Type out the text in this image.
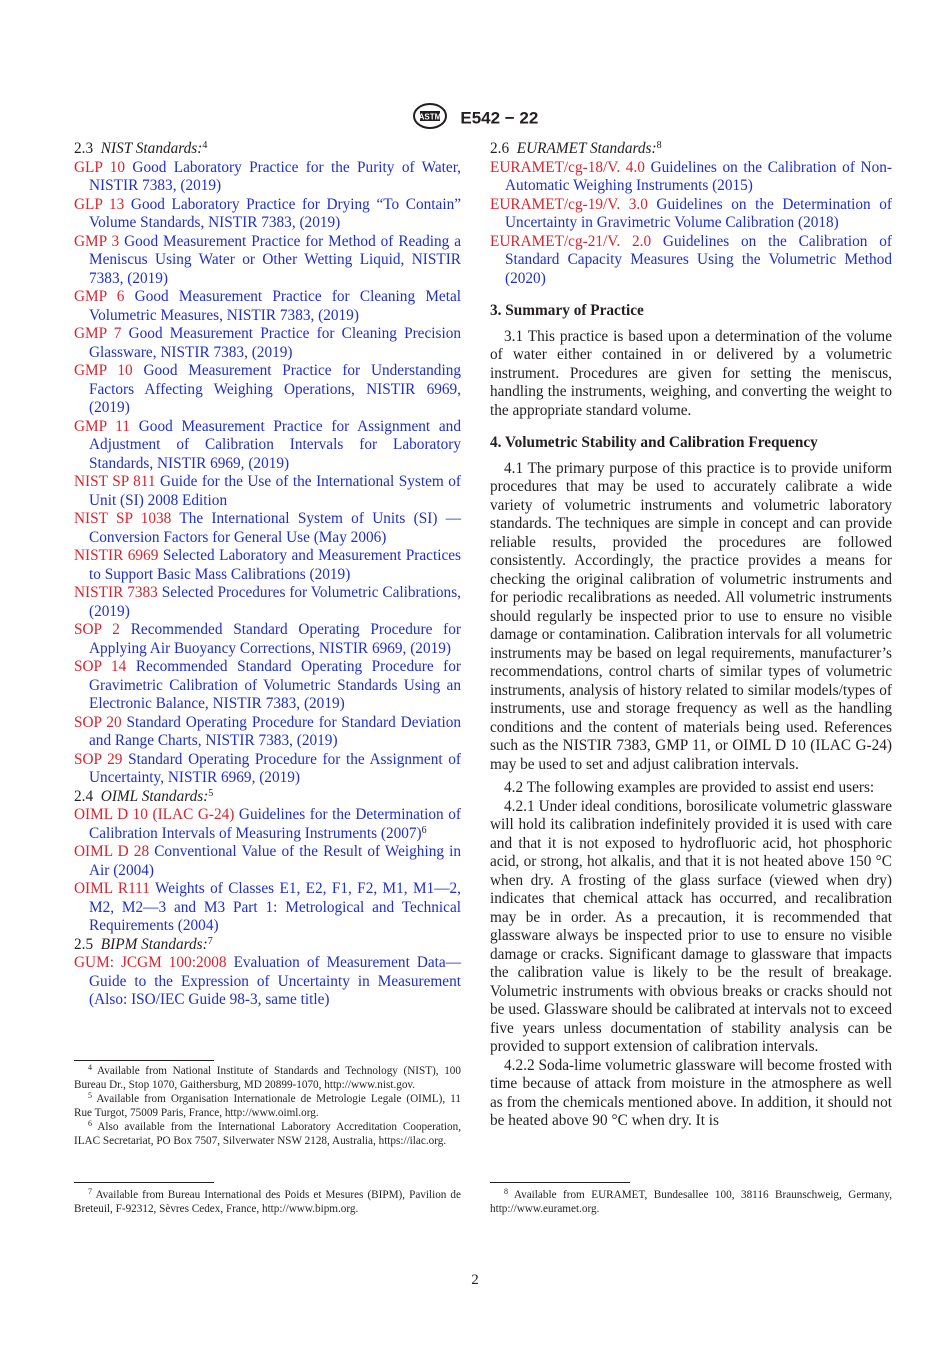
ASTM E542 − 22

2.3 NIST Standards:$^4$

GLP 10 Good Laboratory Practice for the Purity of Water, NISTIR 7383, (2019)

GLP 13 Good Laboratory Practice for Drying “To Contain” Volume Standards, NISTIR 7383, (2019)

GMP 3 Good Measurement Practice for Method of Reading a Meniscus Using Water or Other Wetting Liquid, NISTIR 7383, (2019)

GMP 6 Good Measurement Practice for Cleaning Metal Volumetric Measures, NISTIR 7383, (2019)

GMP 7 Good Measurement Practice for Cleaning Precision Glassware, NISTIR 7383, (2019)

GMP 10 Good Measurement Practice for Understanding Factors Affecting Weighing Operations, NISTIR 6969, (2019)

GMP 11 Good Measurement Practice for Assignment and Adjustment of Calibration Intervals for Laboratory Standards, NISTIR 6969, (2019)

NIST SP 811 Guide for the Use of the International System of Unit (SI) 2008 Edition

NIST SP 1038 The International System of Units (SI) — Conversion Factors for General Use (May 2006)

NISTIR 6969 Selected Laboratory and Measurement Practices to Support Basic Mass Calibrations (2019)

NISTIR 7383 Selected Procedures for Volumetric Calibrations, (2019)

SOP 2 Recommended Standard Operating Procedure for Applying Air Buoyancy Corrections, NISTIR 6969, (2019)

SOP 14 Recommended Standard Operating Procedure for Gravimetric Calibration of Volumetric Standards Using an Electronic Balance, NISTIR 7383, (2019)

SOP 20 Standard Operating Procedure for Standard Deviation and Range Charts, NISTIR 7383, (2019)

SOP 29 Standard Operating Procedure for the Assignment of Uncertainty, NISTIR 6969, (2019)

2.4 OIML Standards:$^5$

OIML D 10 (ILAC G-24) Guidelines for the Determination of Calibration Intervals of Measuring Instruments $(2007)^6$

OIML D 28 Conventional Value of the Result of Weighing in Air (2004)

OIML R111 Weights of Classes E1, E2, F1, F2, M1, M1—2, M2, M2—3 and M3 Part 1: Metrological and Technical Requirements (2004)

2.5 BIPM Standards:$^7$

GUM: JCGM 100:2008 Evaluation of Measurement Data—Guide to the Expression of Uncertainty in Measurement (Also: ISO/IEC Guide 98-3, same title)

$^4$ Available from National Institute of Standards and Technology (NIST), 100 Bureau Dr., Stop 1070, Gaithersburg, MD 20899-1070, http://www.nist.gov.

$^5$ Available from Organisation Internationale de Metrologie Legale (OIML), 11 Rue Turgot, 75009 Paris, France, http://www.oiml.org.

$^6$ Also available from the International Laboratory Accreditation Cooperation, ILAC Secretariat, PO Box 7507, Silverwater NSW 2128, Australia, https://ilac.org.

$^7$ Available from Bureau International des Poids et Mesures (BIPM), Pavilion de Breteuil, F-92312, Sèvres Cedex, France, http://www.bipm.org.

2.6 EURAMET Standards:$^8$

EURAMET/cg-18/V. 4.0 Guidelines on the Calibration of Non-Automatic Weighing Instruments (2015)

EURAMET/cg-19/V. 3.0 Guidelines on the Determination of Uncertainty in Gravimetric Volume Calibration (2018)

EURAMET/cg-21/V. 2.0 Guidelines on the Calibration of Standard Capacity Measures Using the Volumetric Method (2020)

3. Summary of Practice

3.1 This practice is based upon a determination of the volume of water either contained in or delivered by a volumetric instrument. Procedures are given for setting the meniscus, handling the instruments, weighing, and converting the weight to the appropriate standard volume.

4. Volumetric Stability and Calibration Frequency

4.1 The primary purpose of this practice is to provide uniform procedures that may be used to accurately calibrate a wide variety of volumetric instruments and volumetric laboratory standards. The techniques are simple in concept and can provide reliable results, provided the procedures are followed consistently. Accordingly, the practice provides a means for checking the original calibration of volumetric instruments and for periodic recalibrations as needed. All volumetric instruments should regularly be inspected prior to use to ensure no visible damage or contamination. Calibration intervals for all volumetric instruments may be based on legal requirements, manufacturer’s recommendations, control charts of similar types of volumetric instruments, analysis of history related to similar models/types of instruments, use and storage frequency as well as the handling conditions and the content of materials being used. References such as the NISTIR 7383, GMP 11, or OIML D 10 (ILAC G-24) may be used to set and adjust calibration intervals.

4.2 The following examples are provided to assist end users:

4.2.1 Under ideal conditions, borosilicate volumetric glassware will hold its calibration indefinitely provided it is used with care and that it is not exposed to hydrofluoric acid, hot phosphoric acid, or strong, hot alkalis, and that it is not heated above 150 °C when dry. A frosting of the glass surface (viewed when dry) indicates that chemical attack has occurred, and recalibration may be in order. As a precaution, it is recommended that glassware always be inspected prior to use to ensure no visible damage or cracks. Significant damage to glassware that impacts the calibration value is likely to be the result of breakage. Volumetric instruments with obvious breaks or cracks should not be used. Glassware should be calibrated at intervals not to exceed five years unless documentation of stability analysis can be provided to support extension of calibration intervals.

4.2.2 Soda-lime volumetric glassware will become frosted with time because of attack from moisture in the atmosphere as well as from the chemicals mentioned above. In addition, it should not be heated above 90 °C when dry. It is

$^8$ Available from EURAMET, Bundesallee 100, 38116 Braunschweig, Germany, http://www.euramet.org.

2
